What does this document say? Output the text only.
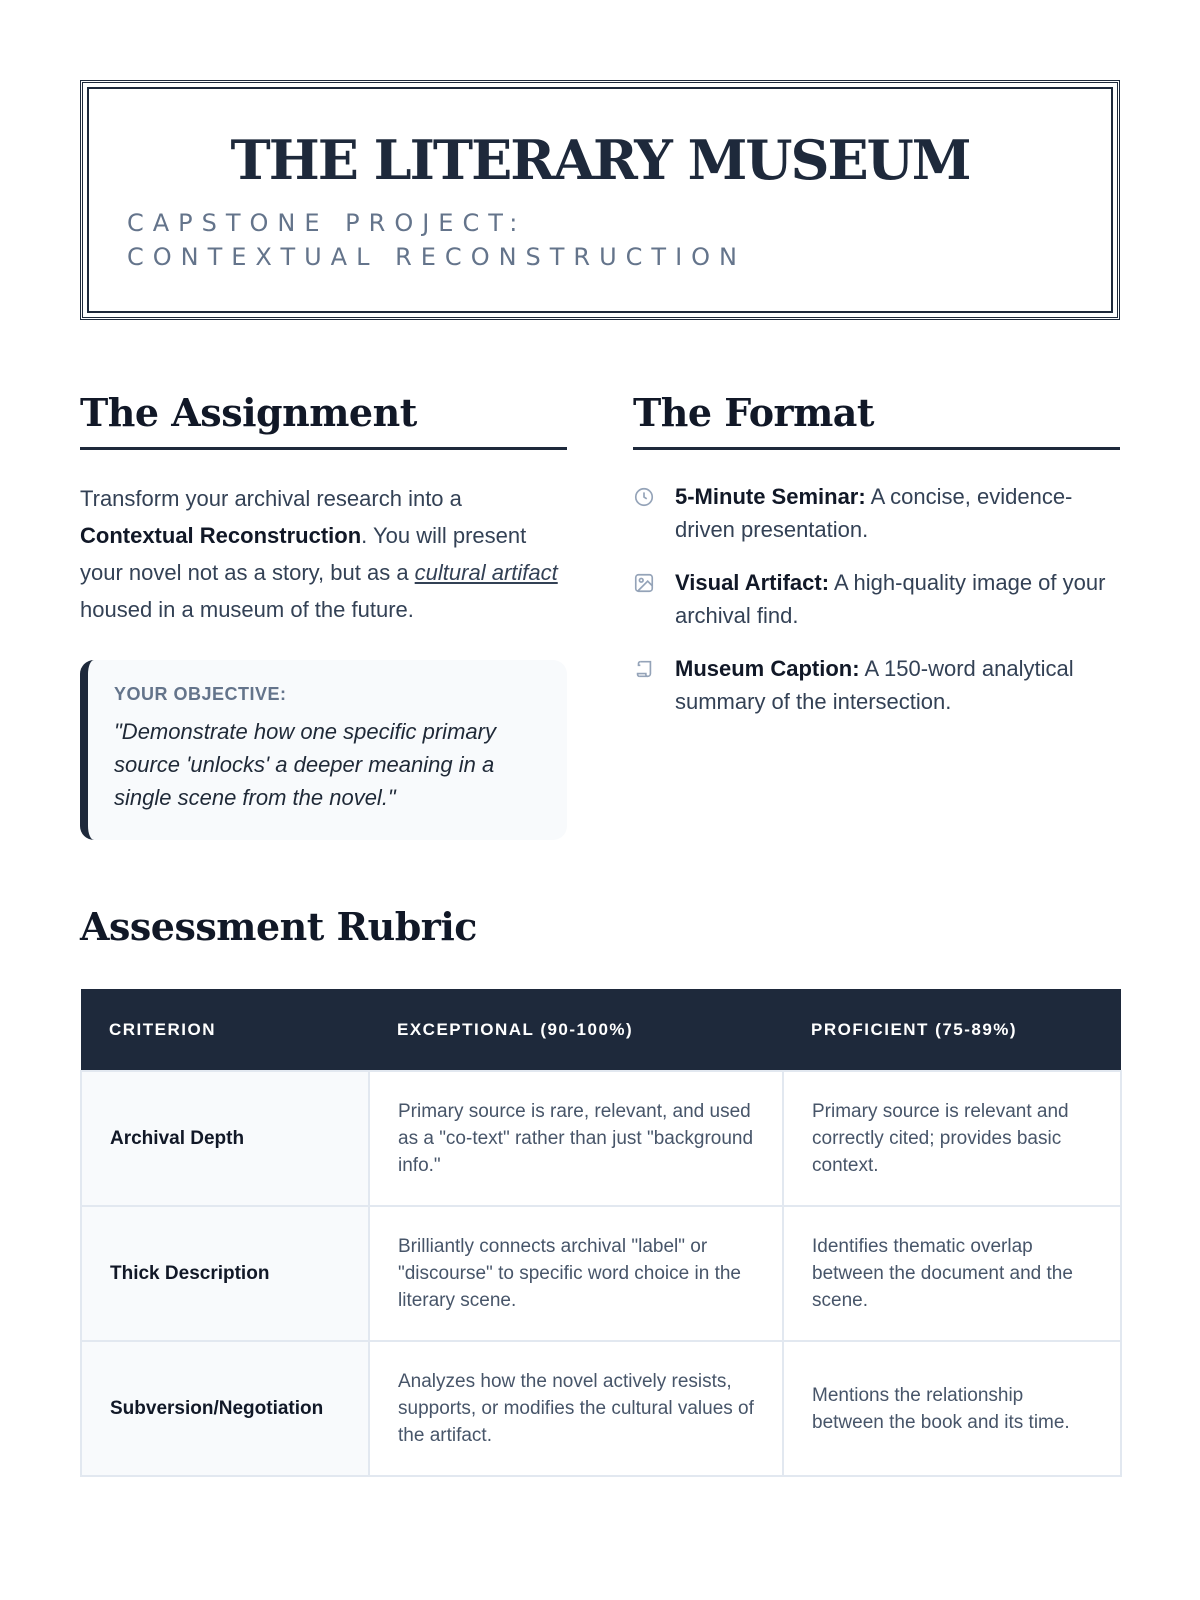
THE LITERARY MUSEUM
CAPSTONE PROJECT: CONTEXTUAL RECONSTRUCTION
The Assignment

Transform your archival research into a Contextual Reconstruction. You will present your novel not as a story, but as a cultural artifact housed in a museum of the future.

YOUR OBJECTIVE:
"Demonstrate how one specific primary source 'unlocks' a deeper meaning in a single scene from the novel."
The Format
5-Minute Seminar: A concise, evidence-driven presentation.
Visual Artifact: A high-quality image of your archival find.
Museum Caption: A 150-word analytical summary of the intersection.
Assessment Rubric
CRITERION	EXCEPTIONAL (90-100%)	PROFICIENT (75-89%)
Archival Depth	Primary source is rare, relevant, and used as a "co-text" rather than just "background info."	Primary source is relevant and correctly cited; provides basic context.
Thick Description	Brilliantly connects archival "label" or "discourse" to specific word choice in the literary scene.	Identifies thematic overlap between the document and the scene.
Subversion/Negotiation	Analyzes how the novel actively resists, supports, or modifies the cultural values of the artifact.	Mentions the relationship between the book and its time.
